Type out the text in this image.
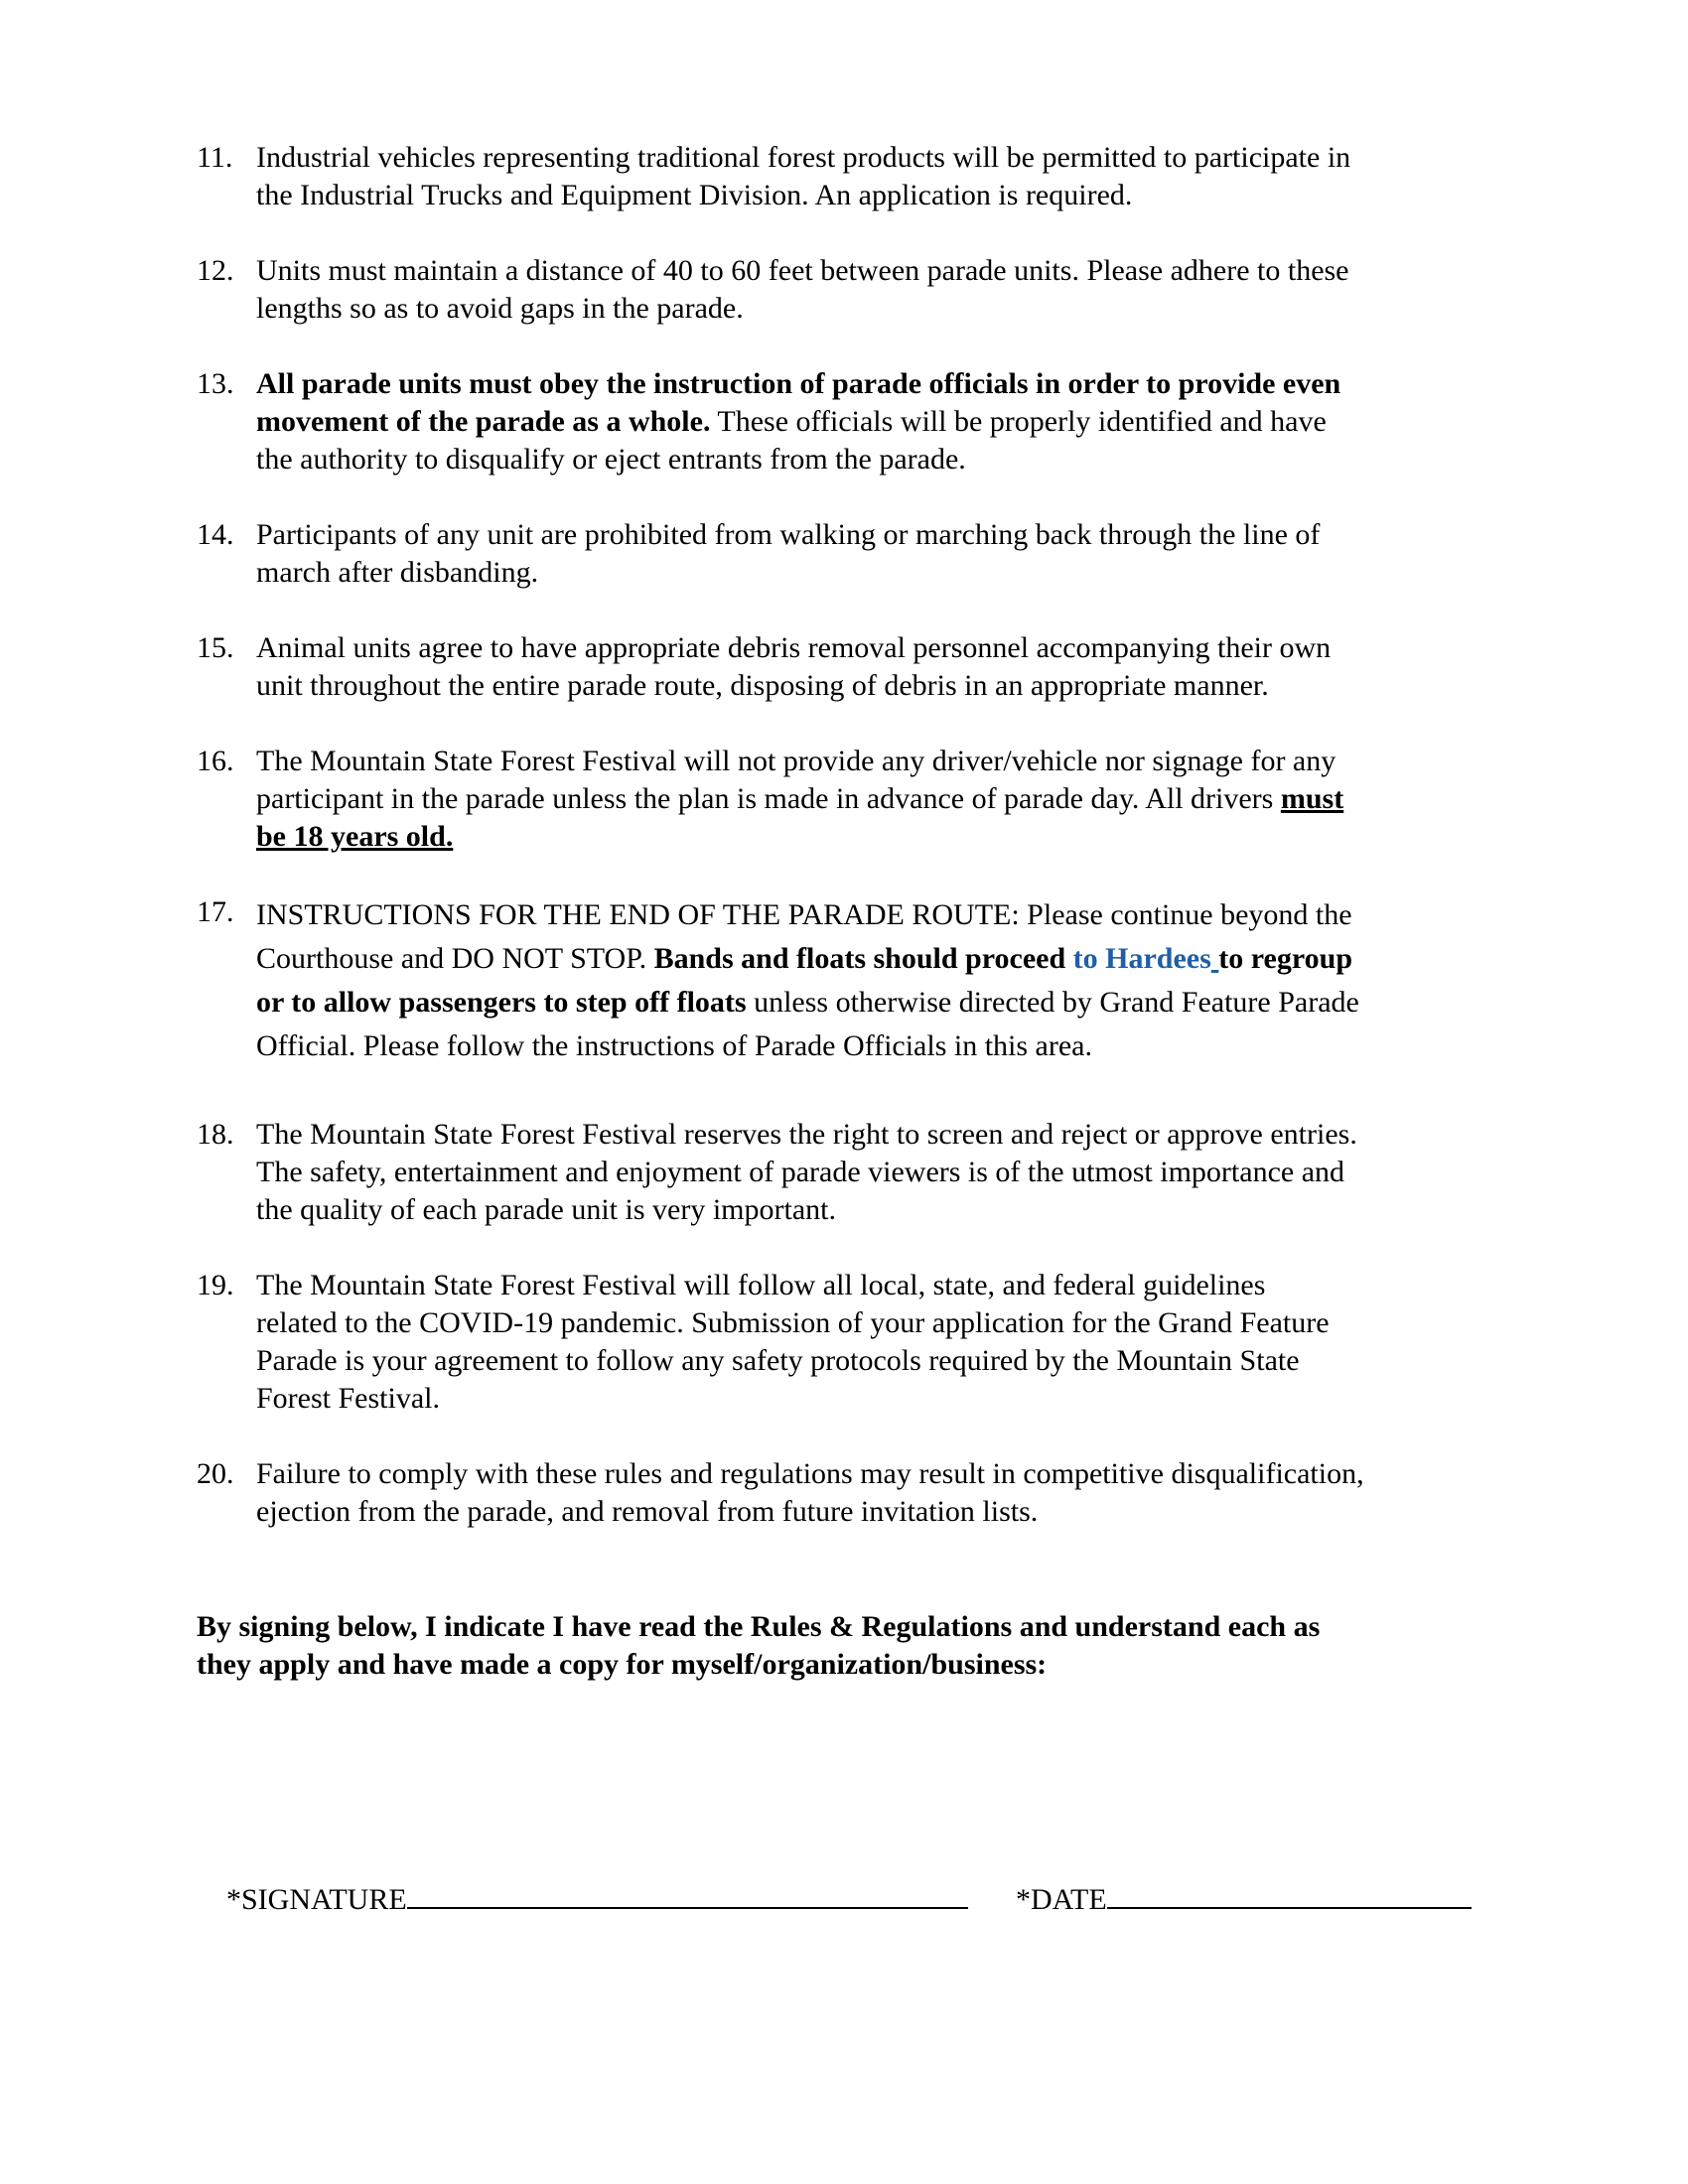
11. Industrial vehicles representing traditional forest products will be permitted to participate in
the Industrial Trucks and Equipment Division. An application is required.
12. Units must maintain a distance of 40 to 60 feet between parade units. Please adhere to these
lengths so as to avoid gaps in the parade.
13. All parade units must obey the instruction of parade officials in order to provide even
movement of the parade as a whole. These officials will be properly identified and have
the authority to disqualify or eject entrants from the parade.
14. Participants of any unit are prohibited from walking or marching back through the line of
march after disbanding.
15. Animal units agree to have appropriate debris removal personnel accompanying their own
unit throughout the entire parade route, disposing of debris in an appropriate manner.
16. The Mountain State Forest Festival will not provide any driver/vehicle nor signage for any
participant in the parade unless the plan is made in advance of parade day. All drivers must
be 18 years old.
17. INSTRUCTIONS FOR THE END OF THE PARADE ROUTE: Please continue beyond the
Courthouse and DO NOT STOP. Bands and floats should proceed to Hardees to regroup
or to allow passengers to step off floats unless otherwise directed by Grand Feature Parade
Official. Please follow the instructions of Parade Officials in this area.
18. The Mountain State Forest Festival reserves the right to screen and reject or approve entries.
The safety, entertainment and enjoyment of parade viewers is of the utmost importance and
the quality of each parade unit is very important.
19. The Mountain State Forest Festival will follow all local, state, and federal guidelines
related to the COVID-19 pandemic. Submission of your application for the Grand Feature
Parade is your agreement to follow any safety protocols required by the Mountain State
Forest Festival.
20. Failure to comply with these rules and regulations may result in competitive disqualification,
ejection from the parade, and removal from future invitation lists.
By signing below, I indicate I have read the Rules & Regulations and understand each as
they apply and have made a copy for myself/organization/business:

*SIGNATURE
	*DATE
